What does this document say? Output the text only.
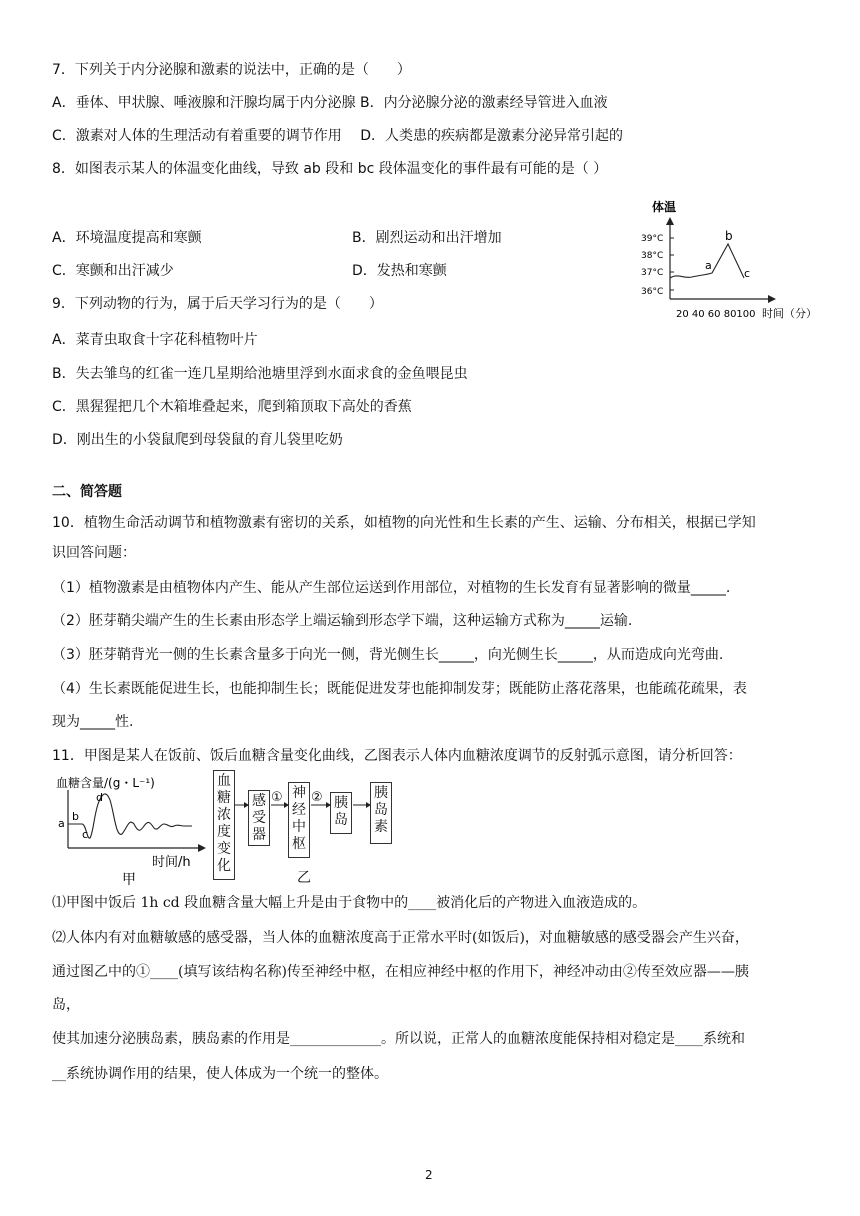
7．下列关于内分泌腺和激素的说法中，正确的是（　　）
A．垂体、甲状腺、唾液腺和汗腺均属于内分泌腺 B．内分泌腺分泌的激素经导管进入血液
C．激素对人体的生理活动有着重要的调节作用　 D．人类患的疾病都是激素分泌异常引起的
8．如图表示某人的体温变化曲线，导致 ab 段和 bc 段体温变化的事件最有可能的是（ ）
A．环境温度提高和寒颤	B．剧烈运动和出汗增加
C．寒颤和出汗减少	D．发热和寒颤
体温
39°C
38°C
37°C
36°C
a
b
c
20 40 60 80100 时间（分）
9．下列动物的行为，属于后天学习行为的是（　　）
A．菜青虫取食十字花科植物叶片
B．失去雏鸟的红雀一连几星期给池塘里浮到水面求食的金鱼喂昆虫
C．黑猩猩把几个木箱堆叠起来，爬到箱顶取下高处的香蕉
D．刚出生的小袋鼠爬到母袋鼠的育儿袋里吃奶
二、简答题
10．植物生命活动调节和植物激素有密切的关系，如植物的向光性和生长素的产生、运输、分布相关，根据已学知
识回答问题：
（1）植物激素是由植物体内产生、能从产生部位运送到作用部位，对植物的生长发育有显著影响的微量_____.
（2）胚芽鞘尖端产生的生长素由形态学上端运输到形态学下端，这种运输方式称为_____运输.
（3）胚芽鞘背光一侧的生长素含量多于向光一侧，背光侧生长_____，向光侧生长_____，从而造成向光弯曲.
（4）生长素既能促进生长，也能抑制生长；既能促进发芽也能抑制发芽；既能防止落花落果，也能疏花疏果，表
现为_____性.
11．甲图是某人在饭前、饭后血糖含量变化曲线，乙图表示人体内血糖浓度调节的反射弧示意图，请分析回答：
血糖含量/(g・L⁻¹)
a
b
c
d
时间/h
甲
血糖浓度变化
感受器
神经中枢
胰岛
胰岛素
① ②
乙
⑴甲图中饭后 1h cd 段血糖含量大幅上升是由于食物中的____被消化后的产物进入血液造成的。
⑵人体内有对血糖敏感的感受器，当人体的血糖浓度高于正常水平时(如饭后)，对血糖敏感的感受器会产生兴奋，
通过图乙中的①____(填写该结构名称)传至神经中枢，在相应神经中枢的作用下，神经冲动由②传至效应器——胰
岛，
使其加速分泌胰岛素，胰岛素的作用是_____________。所以说，正常人的血糖浓度能保持相对稳定是____系统和
__系统协调作用的结果，使人体成为一个统一的整体。
2
